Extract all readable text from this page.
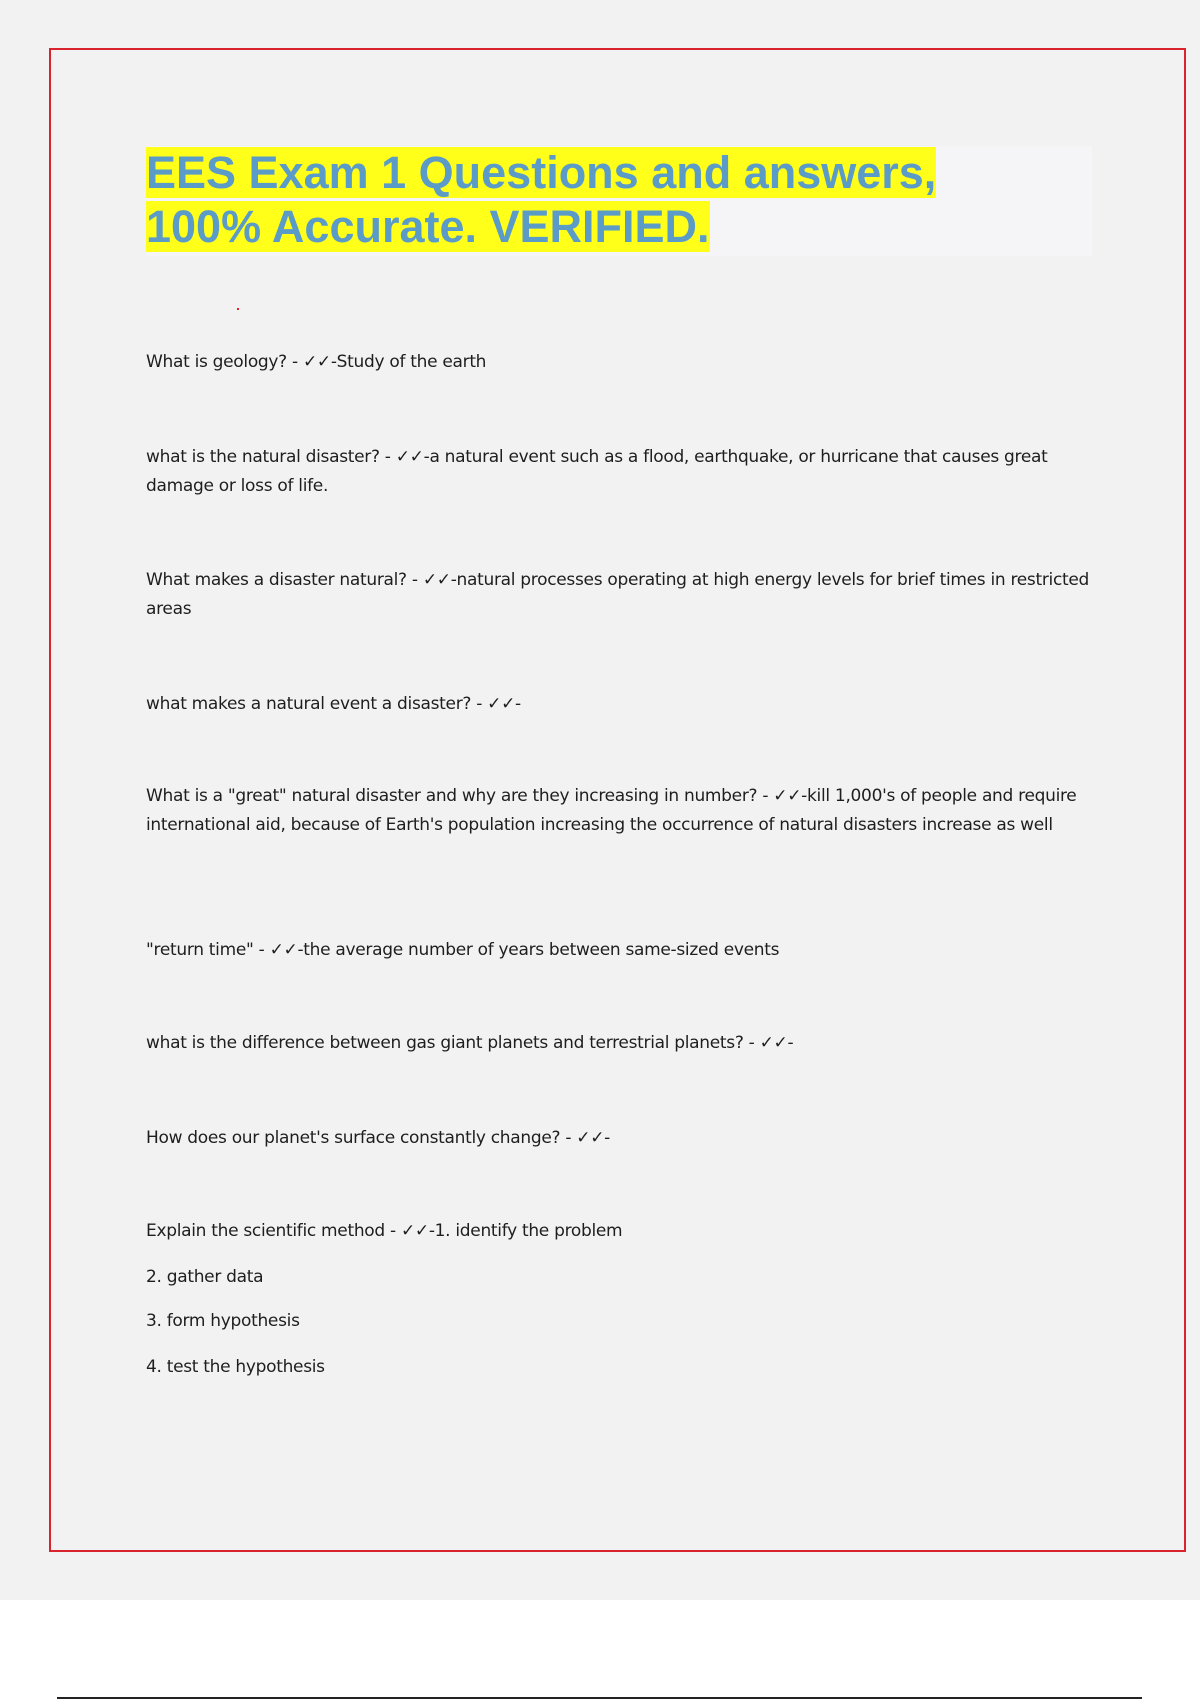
EES Exam 1 Questions and answers, 100% Accurate. VERIFIED.

What is geology? - ✓✓-Study of the earth

what is the natural disaster? - ✓✓-a natural event such as a flood, earthquake, or hurricane that causes great damage or loss of life.

What makes a disaster natural? - ✓✓-natural processes operating at high energy levels for brief times in restricted areas

what makes a natural event a disaster? - ✓✓-

What is a "great" natural disaster and why are they increasing in number? - ✓✓-kill 1,000's of people and require international aid, because of Earth's population increasing the occurrence of natural disasters increase as well

"return time" - ✓✓-the average number of years between same-sized events

what is the difference between gas giant planets and terrestrial planets? - ✓✓-

How does our planet's surface constantly change? - ✓✓-

Explain the scientific method - ✓✓-1. identify the problem

2. gather data

3. form hypothesis

4. test the hypothesis
